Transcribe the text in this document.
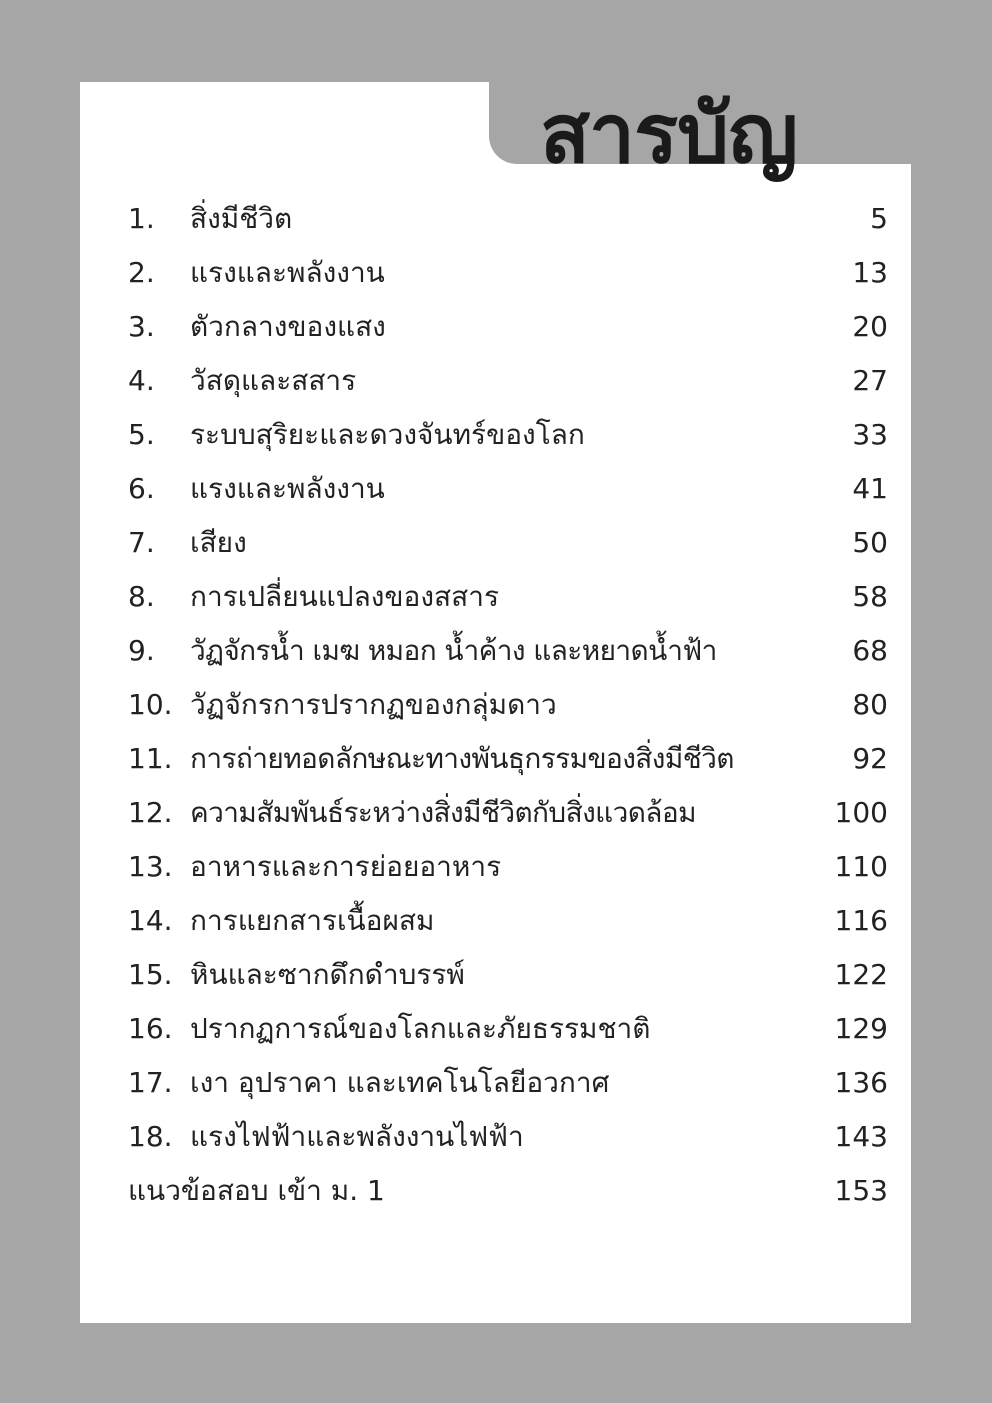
สารบัญ
1. สิ่งมีชีวิต	5
2. แรงและพลังงาน	13
3. ตัวกลางของแสง	20
4. วัสดุและสสาร	27
5. ระบบสุริยะและดวงจันทร์ของโลก	33
6. แรงและพลังงาน	41
7. เสียง	50
8. การเปลี่ยนแปลงของสสาร	58
9. วัฏจักรน้ำ เมฆ หมอก น้ำค้าง และหยาดน้ำฟ้า	68
10. วัฏจักรการปรากฏของกลุ่มดาว	80
11. การถ่ายทอดลักษณะทางพันธุกรรมของสิ่งมีชีวิต	92
12. ความสัมพันธ์ระหว่างสิ่งมีชีวิตกับสิ่งแวดล้อม	100
13. อาหารและการย่อยอาหาร	110
14. การแยกสารเนื้อผสม	116
15. หินและซากดึกดำบรรพ์	122
16. ปรากฏการณ์ของโลกและภัยธรรมชาติ	129
17. เงา อุปราคา และเทคโนโลยีอวกาศ	136
18. แรงไฟฟ้าและพลังงานไฟฟ้า	143
แนวข้อสอบ เข้า ม. 1	153
